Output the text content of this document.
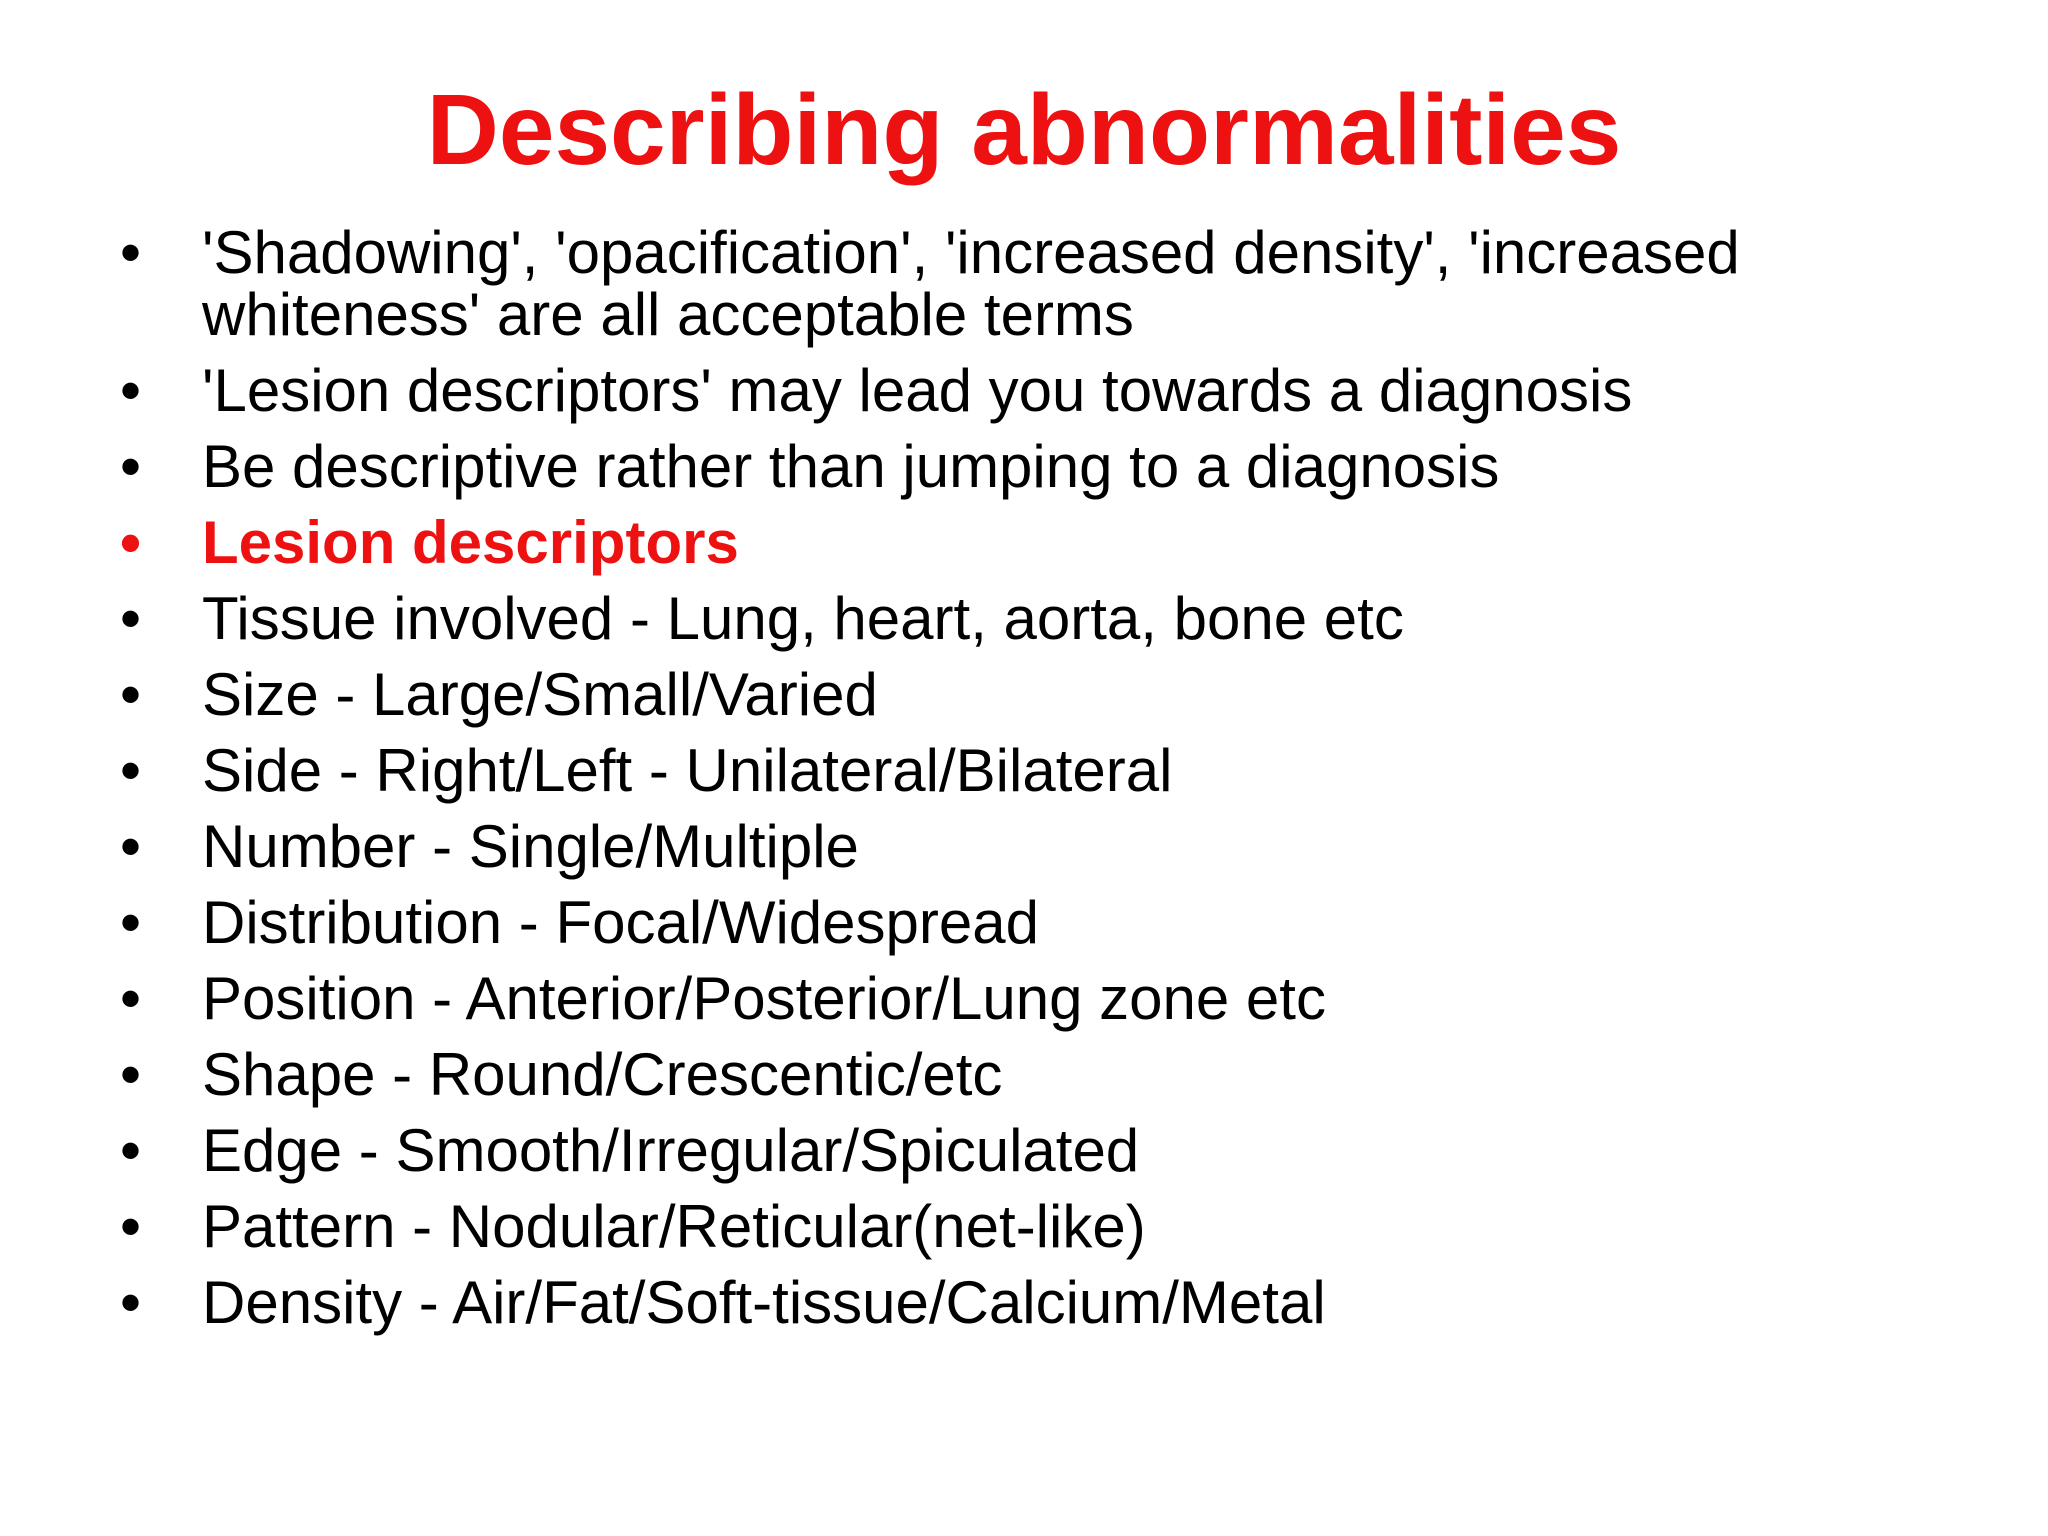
Describing abnormalities
•	'Shadowing', 'opacification', 'increased density', 'increased whiteness' are all acceptable terms
•	'Lesion descriptors' may lead you towards a diagnosis
•	Be descriptive rather than jumping to a diagnosis
•	Lesion descriptors
•	Tissue involved - Lung, heart, aorta, bone etc
•	Size - Large/Small/Varied
•	Side - Right/Left - Unilateral/Bilateral
•	Number - Single/Multiple
•	Distribution - Focal/Widespread
•	Position - Anterior/Posterior/Lung zone etc
•	Shape - Round/Crescentic/etc
•	Edge - Smooth/Irregular/Spiculated
•	Pattern - Nodular/Reticular(net-like)
•	Density - Air/Fat/Soft-tissue/Calcium/Metal
